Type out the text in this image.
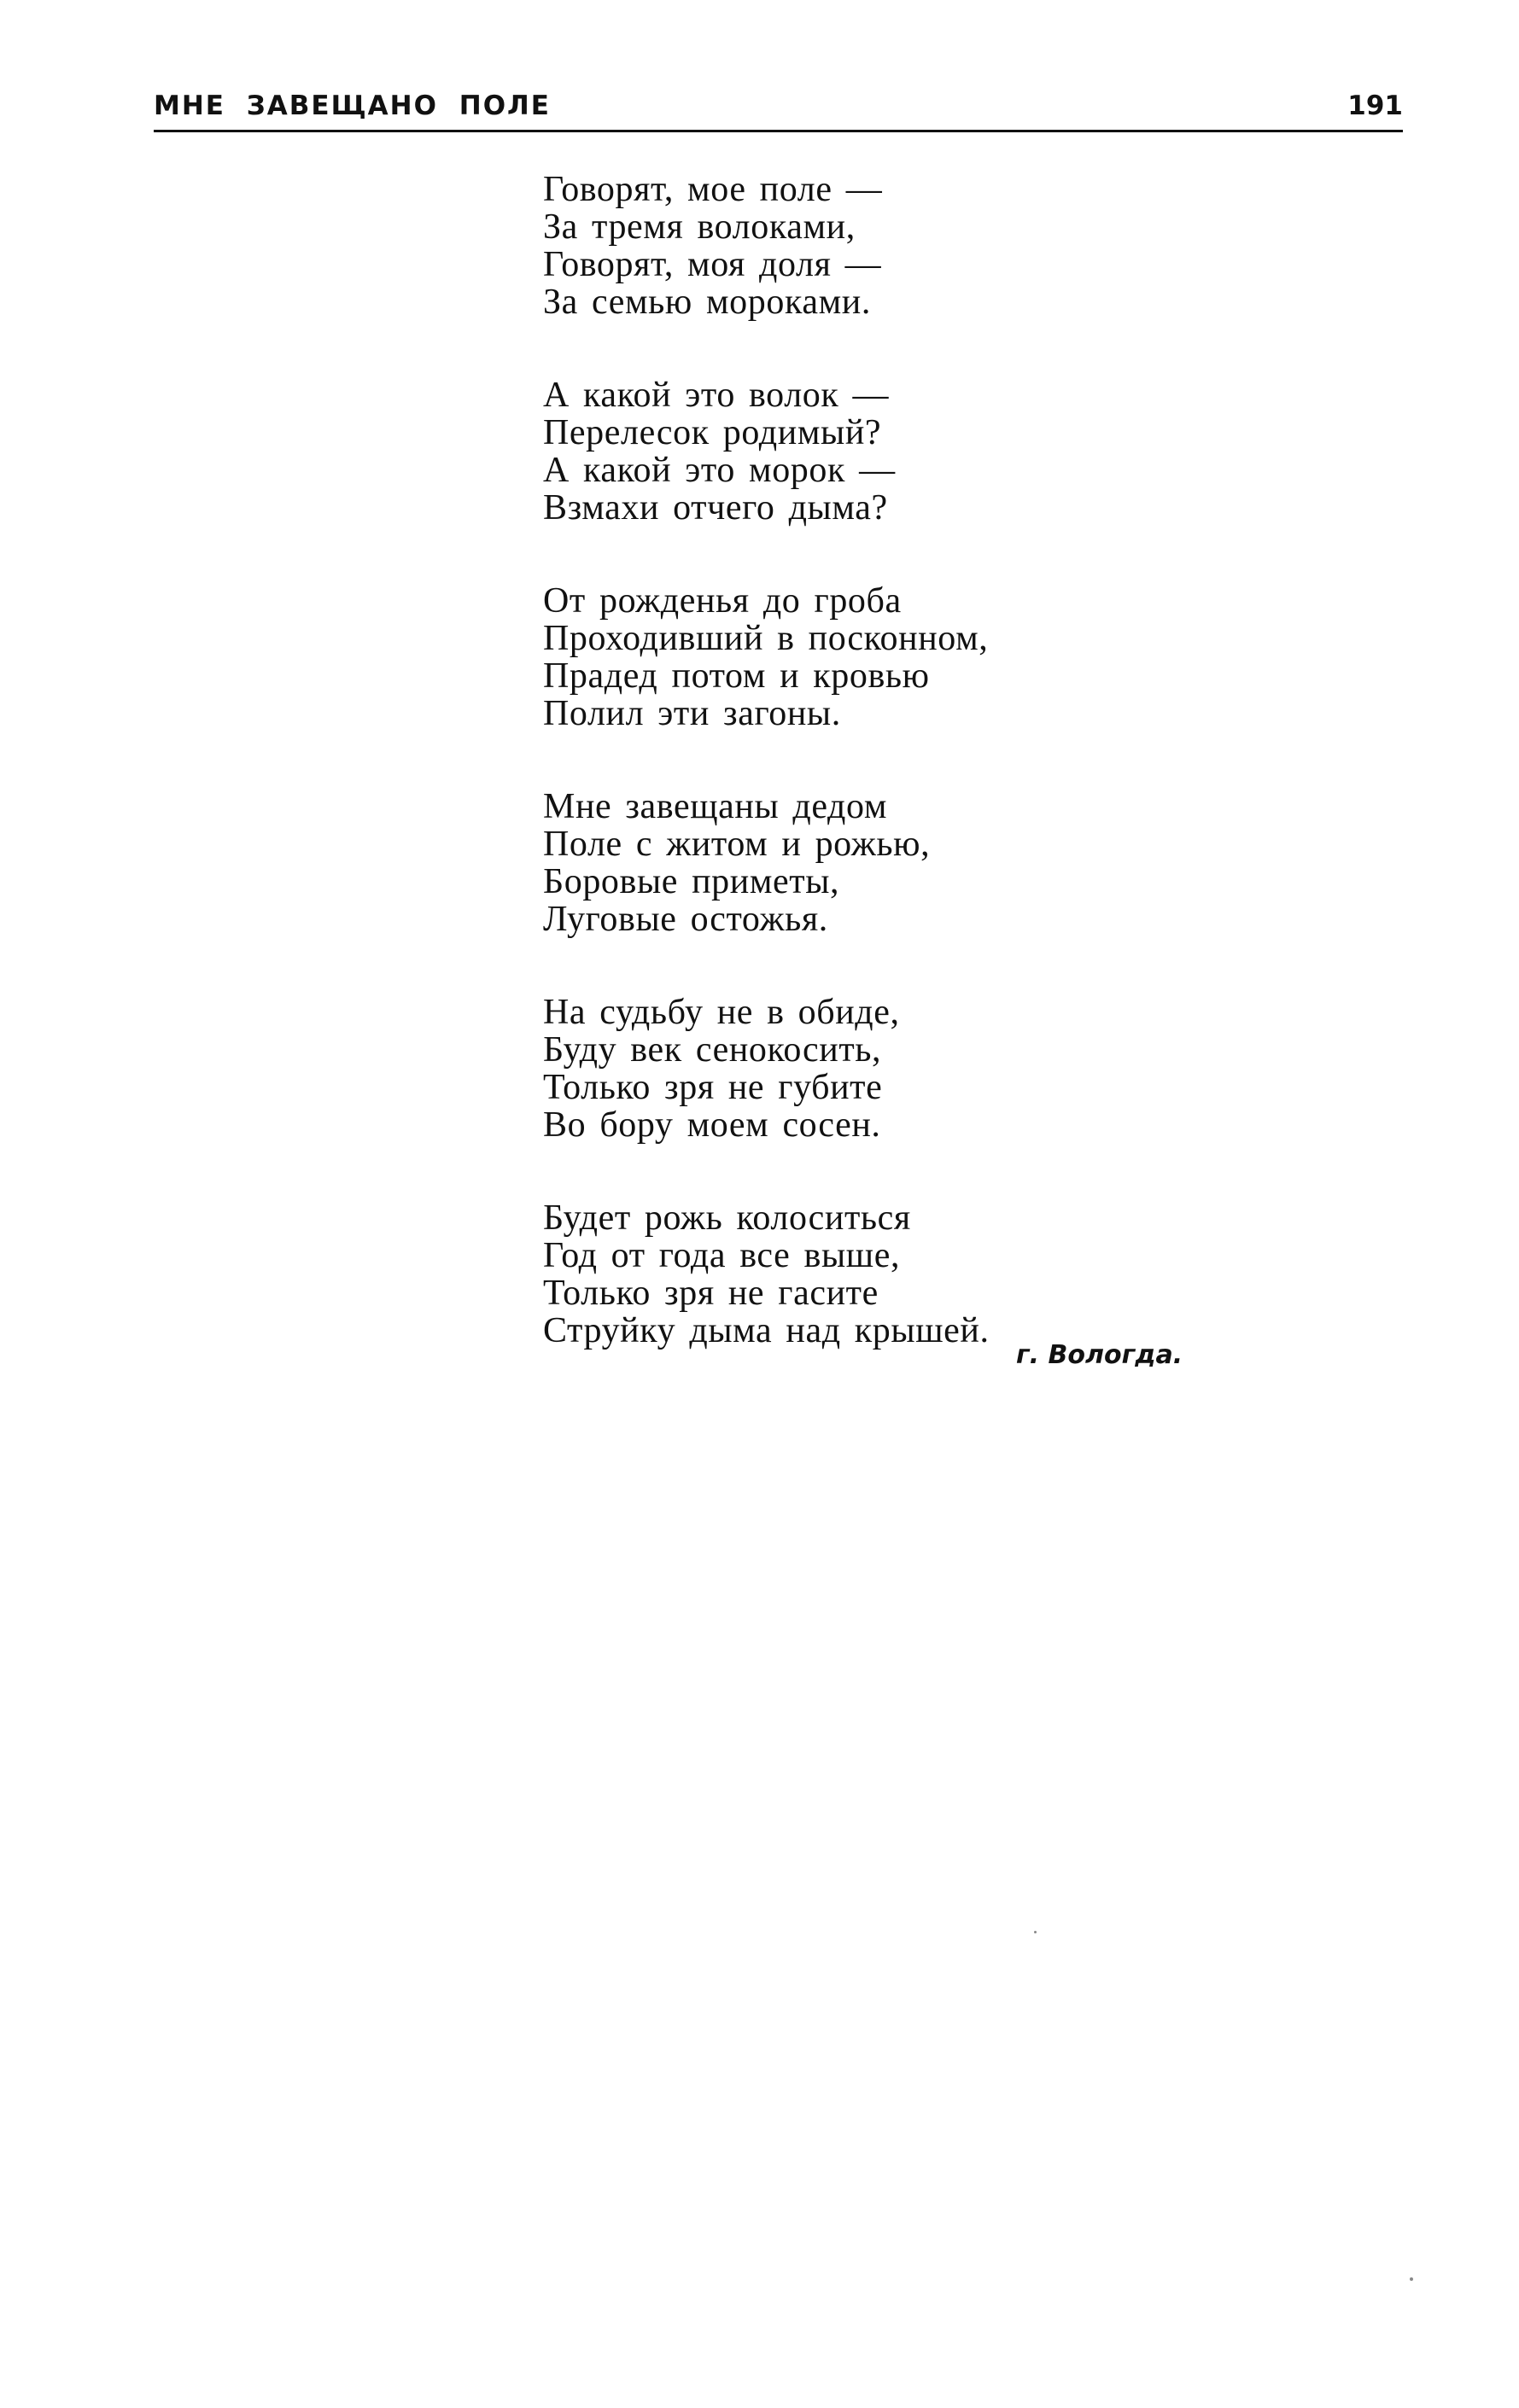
МНЕ ЗАВЕЩАНО ПОЛЕ	191
Говорят, мое поле —
За тремя волоками,
Говорят, моя доля —
За семью мороками.
А какой это волок —
Перелесок родимый?
А какой это морок —
Взмахи отчего дыма?
От рожденья до гроба
Проходивший в посконном,
Прадед потом и кровью
Полил эти загоны.
Мне завещаны дедом
Поле с житом и рожью,
Боровые приметы,
Луговые остожья.
На судьбу не в обиде,
Буду век сенокосить,
Только зря не губите
Во бору моем сосен.
Будет рожь колоситься
Год от года все выше,
Только зря не гасите
Струйку дыма над крышей.
г. Вологда.
